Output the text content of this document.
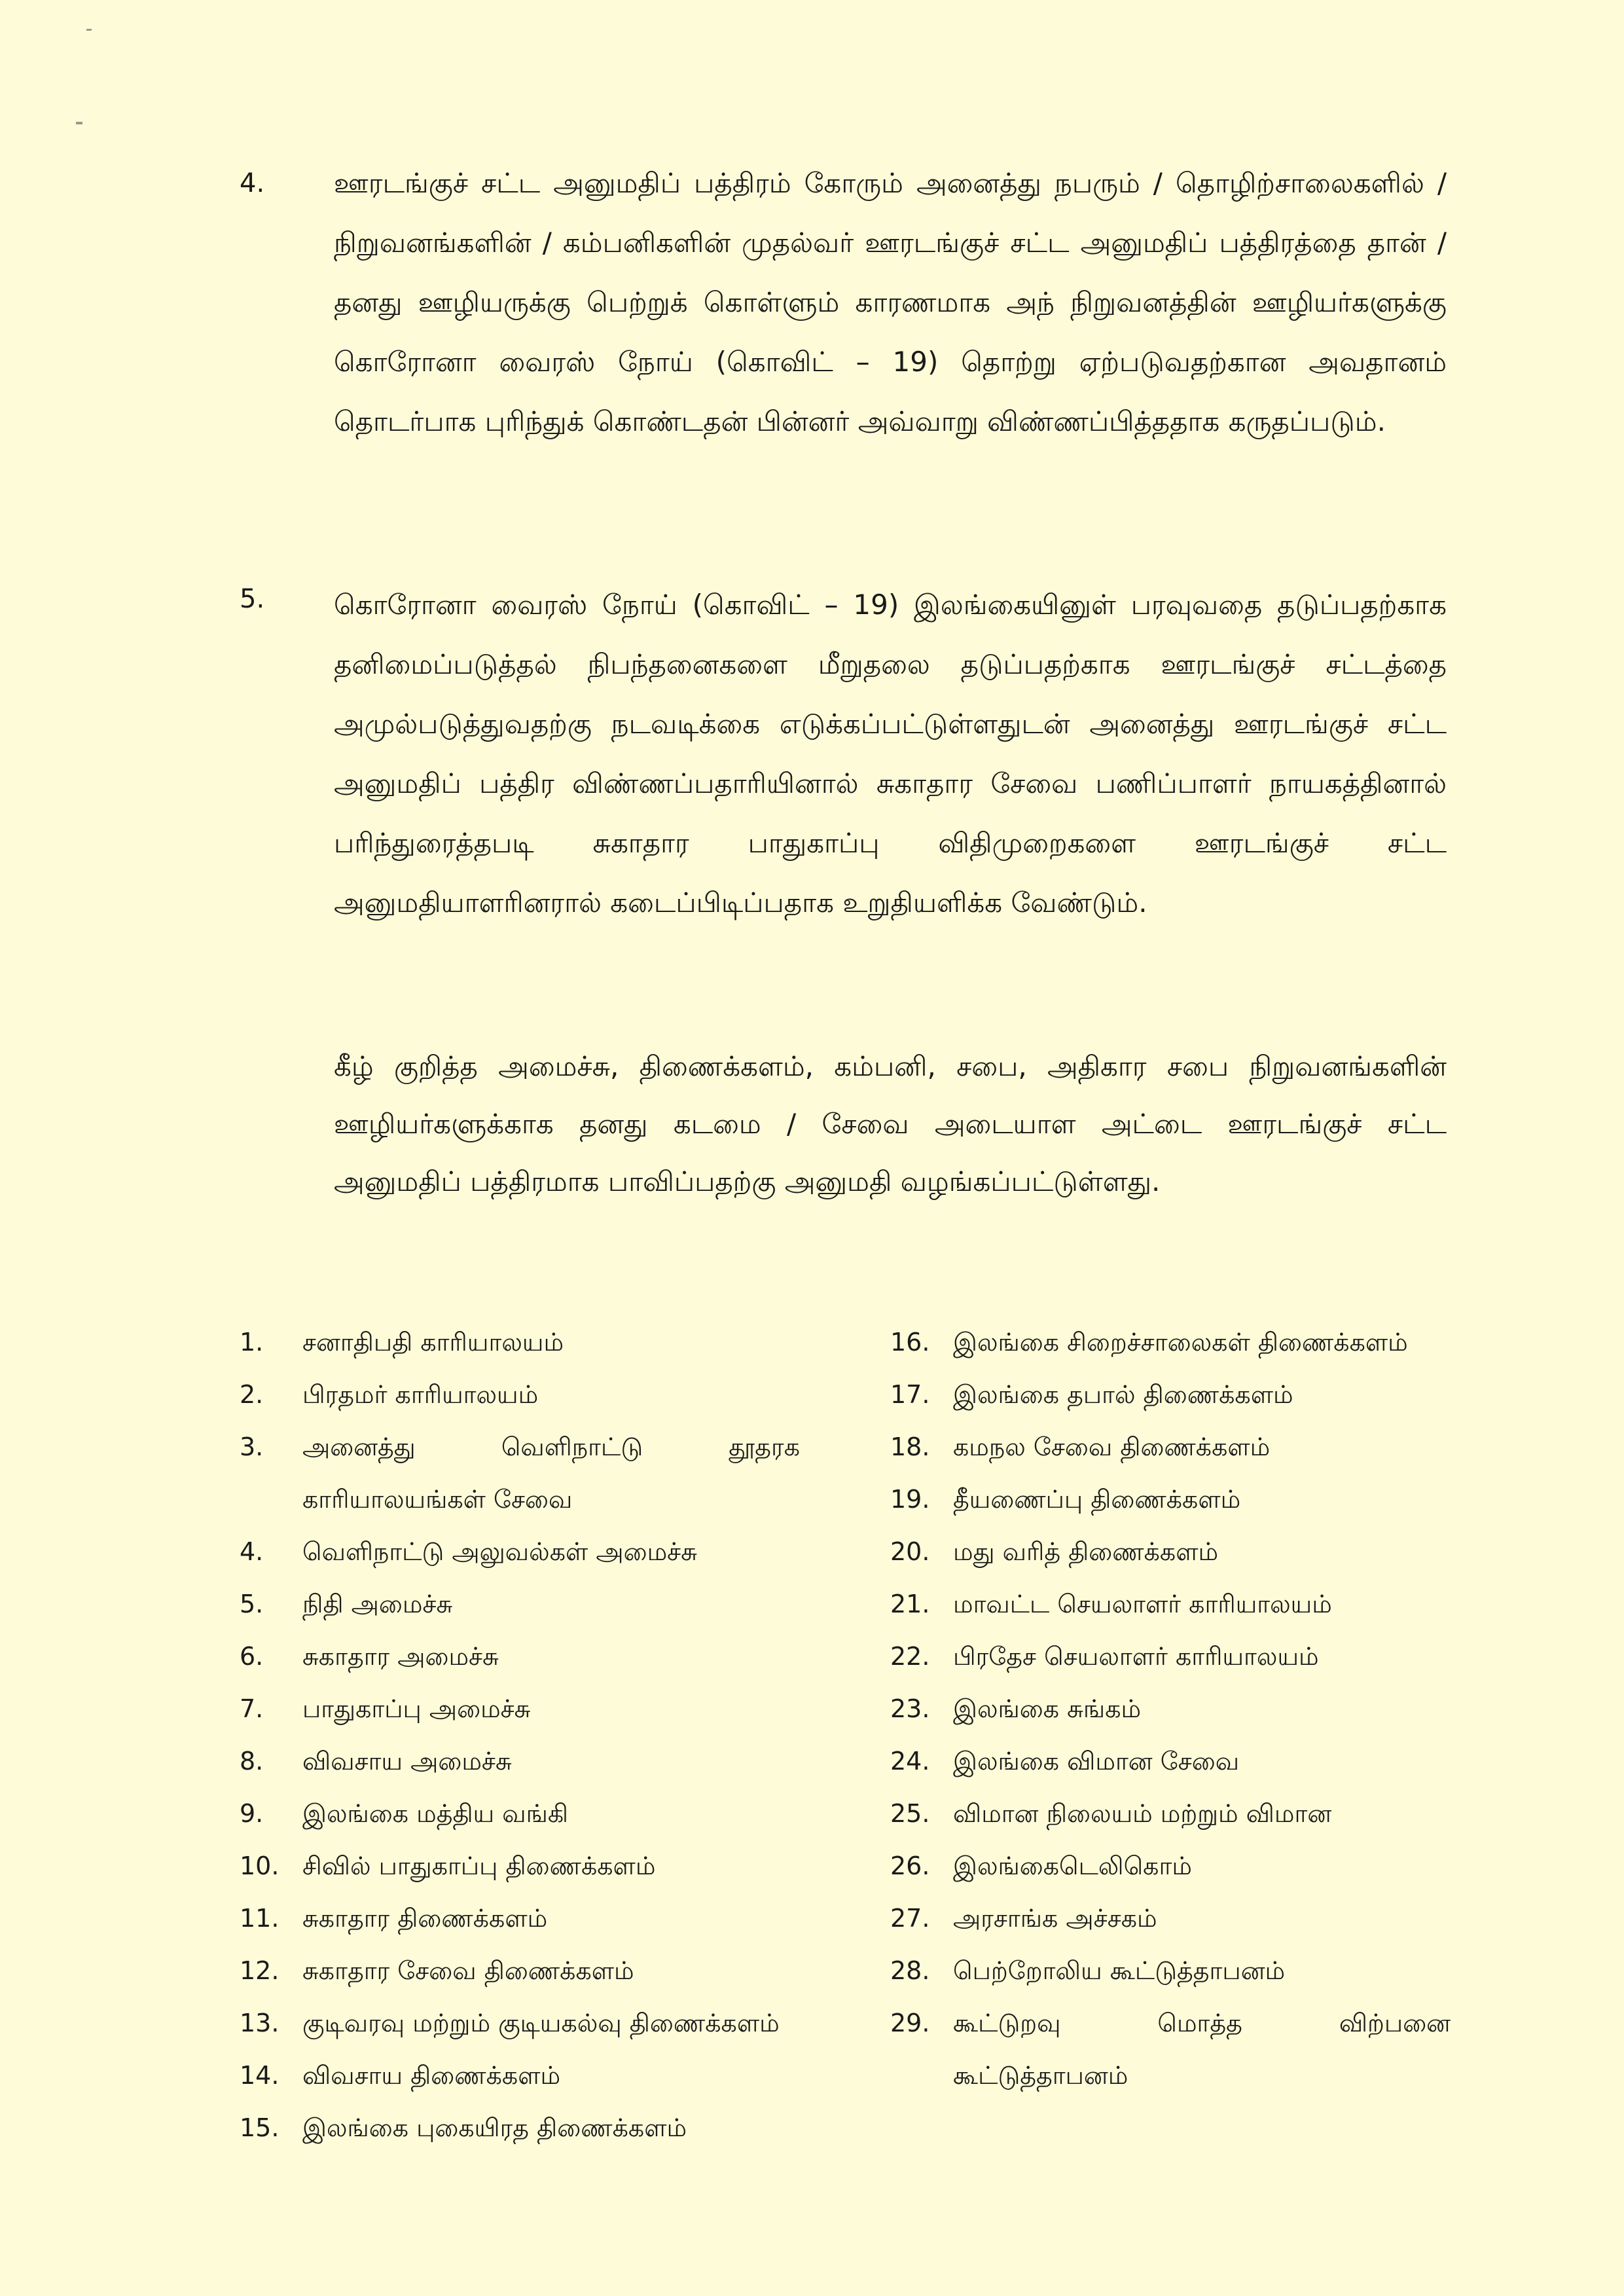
4.	ஊரடங்குச் சட்ட அனுமதிப் பத்திரம் கோரும் அனைத்து நபரும் / தொழிற்சாலைகளில் / நிறுவனங்களின் / கம்பனிகளின் முதல்வர் ஊரடங்குச் சட்ட அனுமதிப் பத்திரத்தை தான் / தனது ஊழியருக்கு பெற்றுக் கொள்ளும் காரணமாக அந் நிறுவனத்தின் ஊழியர்களுக்கு கொரோனா வைரஸ் நோய் (கொவிட் – 19) தொற்று ஏற்படுவதற்கான அவதானம் தொடர்பாக புரிந்துக் கொண்டதன் பின்னர் அவ்வாறு விண்ணப்பித்ததாக கருதப்படும்.
5.	கொரோனா வைரஸ் நோய் (கொவிட் – 19) இலங்கையினுள் பரவுவதை தடுப்பதற்காக தனிமைப்படுத்தல் நிபந்தனைகளை மீறுதலை தடுப்பதற்காக ஊரடங்குச் சட்டத்தை அமுல்படுத்துவதற்கு நடவடிக்கை எடுக்கப்பட்டுள்ளதுடன் அனைத்து ஊரடங்குச் சட்ட அனுமதிப் பத்திர விண்ணப்பதாரியினால் சுகாதார சேவை பணிப்பாளர் நாயகத்தினால் பரிந்துரைத்தபடி சுகாதார பாதுகாப்பு விதிமுறைகளை ஊரடங்குச் சட்ட அனுமதியாளரினரால் கடைப்பிடிப்பதாக உறுதியளிக்க வேண்டும்.
கீழ் குறித்த அமைச்சு, திணைக்களம், கம்பனி, சபை, அதிகார சபை நிறுவனங்களின் ஊழியர்களுக்காக தனது கடமை / சேவை அடையாள அட்டை ஊரடங்குச் சட்ட அனுமதிப் பத்திரமாக பாவிப்பதற்கு அனுமதி வழங்கப்பட்டுள்ளது.
1. சனாதிபதி காரியாலயம்
2. பிரதமர் காரியாலயம்
3. அனைத்து வெளிநாட்டு தூதரக காரியாலயங்கள் சேவை
4. வெளிநாட்டு அலுவல்கள் அமைச்சு
5. நிதி அமைச்சு
6. சுகாதார அமைச்சு
7. பாதுகாப்பு அமைச்சு
8. விவசாய அமைச்சு
9. இலங்கை மத்திய வங்கி
10. சிவில் பாதுகாப்பு திணைக்களம்
11. சுகாதார திணைக்களம்
12. சுகாதார சேவை திணைக்களம்
13. குடிவரவு மற்றும் குடியகல்வு திணைக்களம்
14. விவசாய திணைக்களம்
15. இலங்கை புகையிரத திணைக்களம்
16. இலங்கை சிறைச்சாலைகள் திணைக்களம்
17. இலங்கை தபால் திணைக்களம்
18. கமநல சேவை திணைக்களம்
19. தீயணைப்பு திணைக்களம்
20. மது வரித் திணைக்களம்
21. மாவட்ட செயலாளர் காரியாலயம்
22. பிரதேச செயலாளர் காரியாலயம்
23. இலங்கை சுங்கம்
24. இலங்கை விமான சேவை
25. விமான நிலையம் மற்றும் விமான
26. இலங்கைடெலிகொம்
27. அரசாங்க அச்சகம்
28. பெற்றோலிய கூட்டுத்தாபனம்
29. கூட்டுறவு மொத்த விற்பனை கூட்டுத்தாபனம்
